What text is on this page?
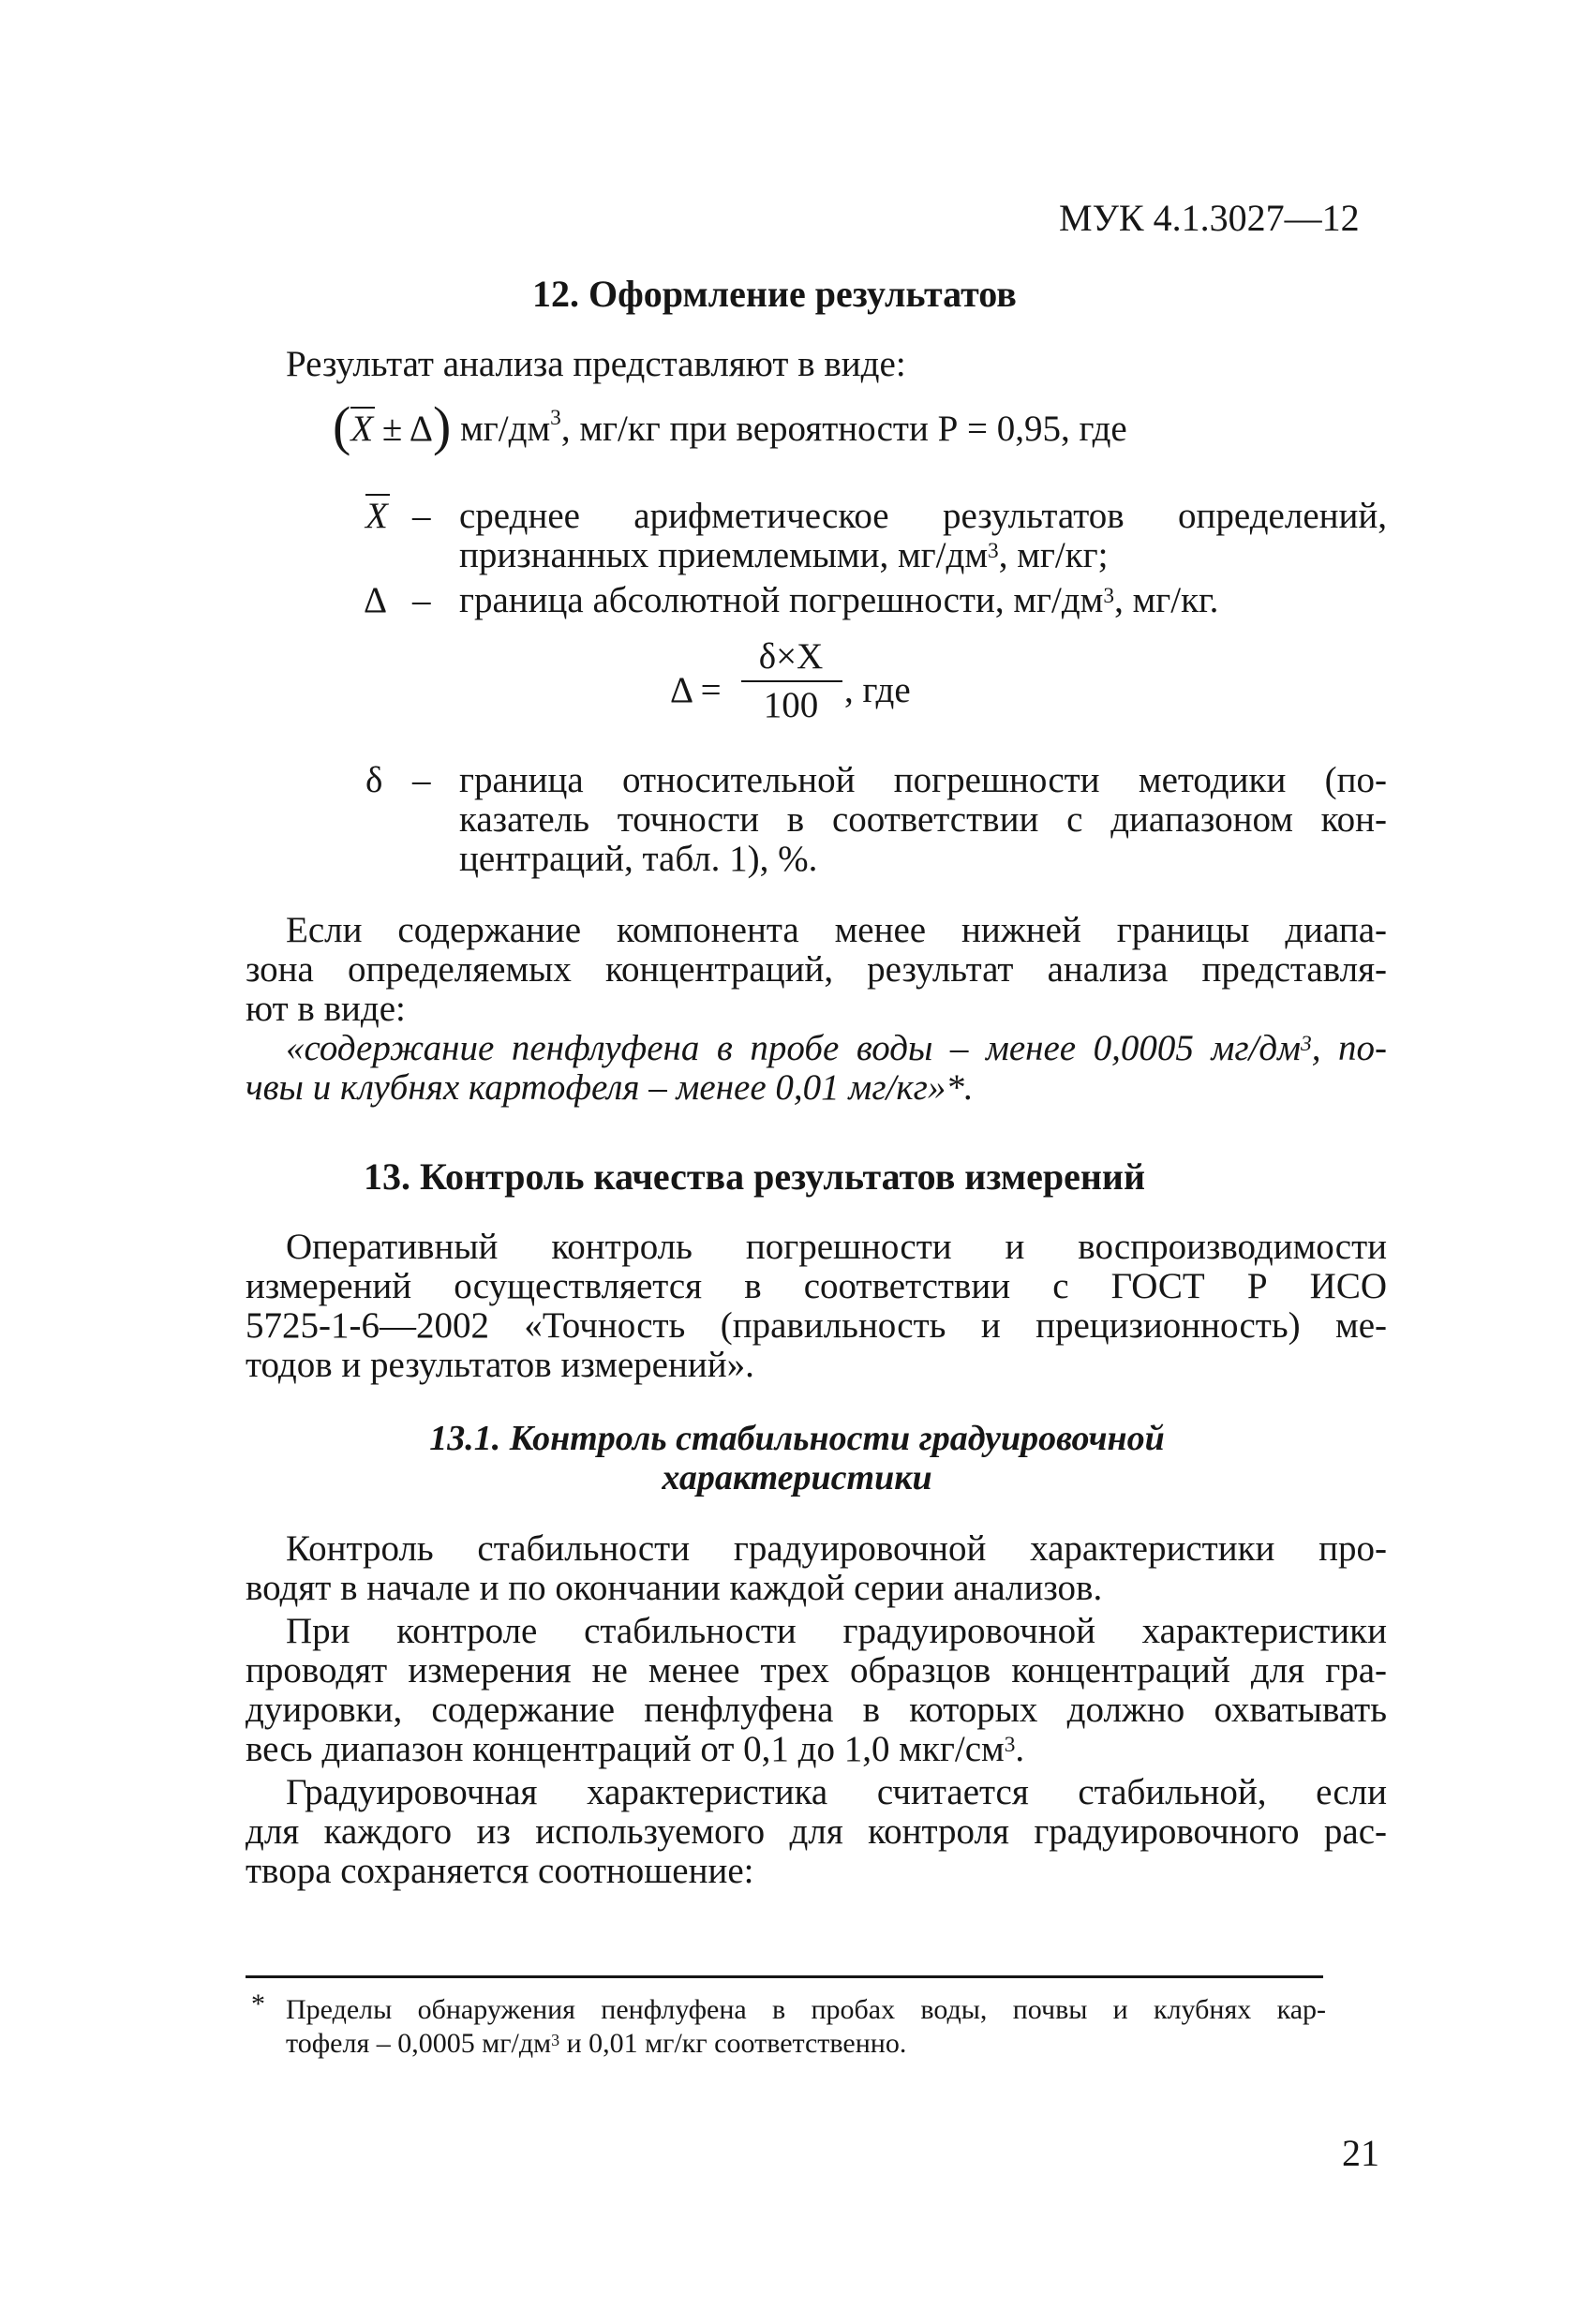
МУК 4.1.3027—12
12. Оформление результатов
Результат анализа представляют в виде:
(X ± Δ) $мг/дм^3$, мг/кг при вероятности Р = 0,95, где
X – среднее арифметическое результатов определений,
признанных приемлемыми, $мг/дм^3$, мг/кг;
Δ – граница абсолютной погрешности, $мг/дм^3$, мг/кг.
Δ =
δ×X
100 , где
δ – граница относительной погрешности методики (по-
казатель точности в соответствии с диапазоном кон-
центраций, табл. 1), %.
Если содержание компонента менее нижней границы диапа-
зона определяемых концентраций, результат анализа представля-
ют в виде:
«содержание пенфлуфена в пробе воды – менее 0,0005 $мг/дм^3$, по-
чвы и клубнях картофеля – менее 0,01 мг/кг»*.
13. Контроль качества результатов измерений
Оперативный контроль погрешности и воспроизводимости
измерений осуществляется в соответствии с ГОСТ Р ИСО
5725-1-6—2002 «Точность (правильность и прецизионность) ме-
тодов и результатов измерений».
13.1. Контроль стабильности градуировочной
характеристики
Контроль стабильности градуировочной характеристики про-
водят в начале и по окончании каждой серии анализов.
При контроле стабильности градуировочной характеристики
проводят измерения не менее трех образцов концентраций для гра-
дуировки, содержание пенфлуфена в которых должно охватывать
весь диапазон концентраций от 0,1 до 1,0 мкг/$см^3$.
Градуировочная характеристика считается стабильной, если
для каждого из используемого для контроля градуировочного рас-
твора сохраняется соотношение:
* Пределы обнаружения пенфлуфена в пробах воды, почвы и клубнях кар-
тофеля – 0,0005 $мг/дм^3$ и 0,01 мг/кг соответственно.
21
